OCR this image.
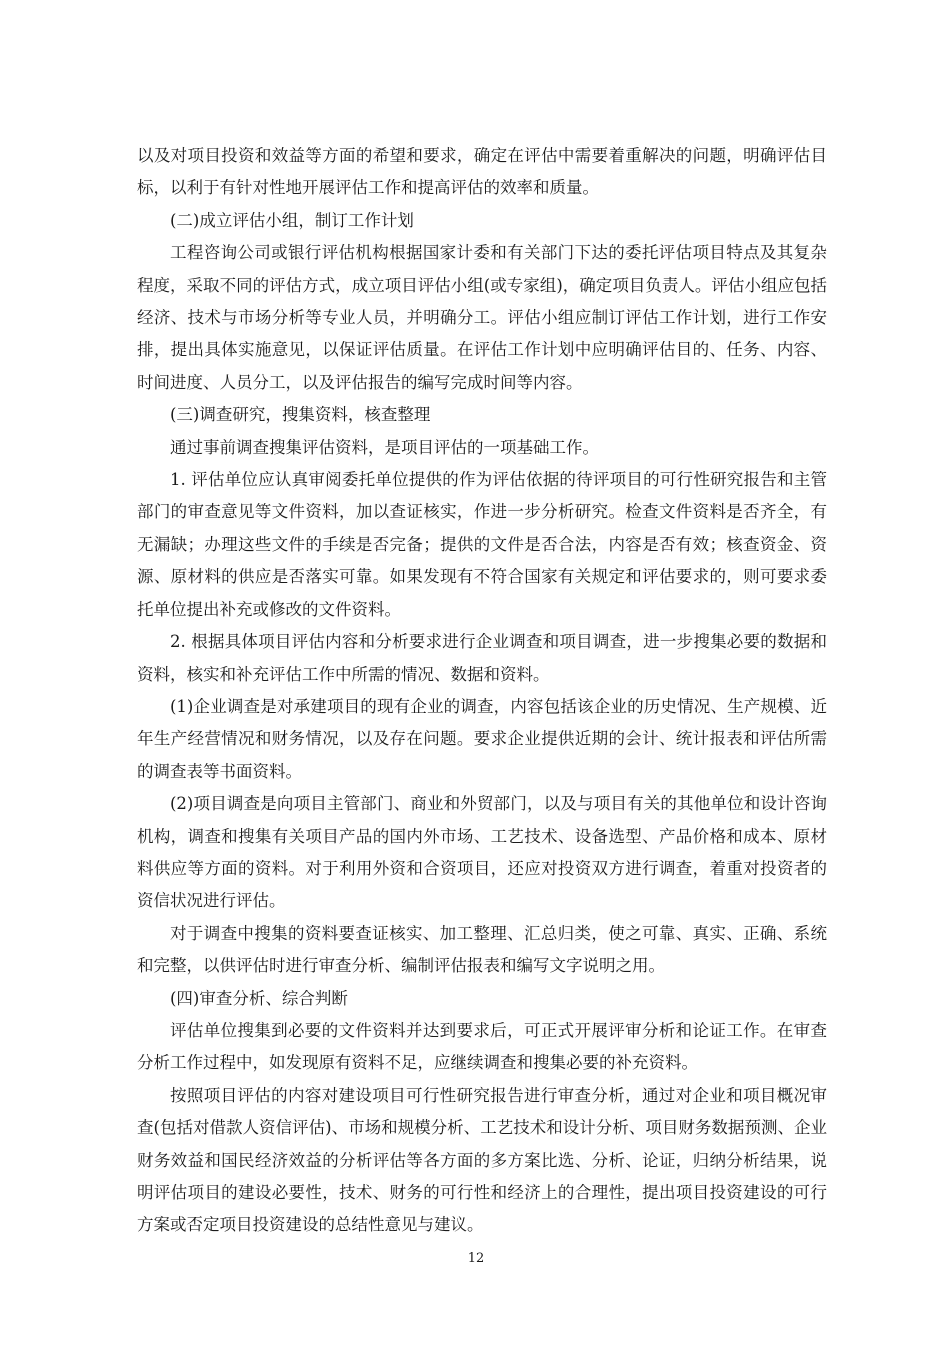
以及对项目投资和效益等方面的希望和要求，确定在评估中需要着重解决的问题，明确评估目标，以利于有针对性地开展评估工作和提高评估的效率和质量。

(二)成立评估小组，制订工作计划

工程咨询公司或银行评估机构根据国家计委和有关部门下达的委托评估项目特点及其复杂程度，采取不同的评估方式，成立项目评估小组(或专家组)，确定项目负责人。评估小组应包括经济、技术与市场分析等专业人员，并明确分工。评估小组应制订评估工作计划，进行工作安排，提出具体实施意见，以保证评估质量。在评估工作计划中应明确评估目的、任务、内容、时间进度、人员分工，以及评估报告的编写完成时间等内容。

(三)调查研究，搜集资料，核查整理

通过事前调查搜集评估资料，是项目评估的一项基础工作。

1. 评估单位应认真审阅委托单位提供的作为评估依据的待评项目的可行性研究报告和主管部门的审查意见等文件资料，加以查证核实，作进一步分析研究。检查文件资料是否齐全，有无漏缺；办理这些文件的手续是否完备；提供的文件是否合法，内容是否有效；核查资金、资源、原材料的供应是否落实可靠。如果发现有不符合国家有关规定和评估要求的，则可要求委托单位提出补充或修改的文件资料。

2. 根据具体项目评估内容和分析要求进行企业调查和项目调查，进一步搜集必要的数据和资料，核实和补充评估工作中所需的情况、数据和资料。

(1)企业调查是对承建项目的现有企业的调查，内容包括该企业的历史情况、生产规模、近年生产经营情况和财务情况，以及存在问题。要求企业提供近期的会计、统计报表和评估所需的调查表等书面资料。

(2)项目调查是向项目主管部门、商业和外贸部门，以及与项目有关的其他单位和设计咨询机构，调查和搜集有关项目产品的国内外市场、工艺技术、设备选型、产品价格和成本、原材料供应等方面的资料。对于利用外资和合资项目，还应对投资双方进行调查，着重对投资者的资信状况进行评估。

对于调查中搜集的资料要查证核实、加工整理、汇总归类，使之可靠、真实、正确、系统和完整，以供评估时进行审查分析、编制评估报表和编写文字说明之用。

(四)审查分析、综合判断

评估单位搜集到必要的文件资料并达到要求后，可正式开展评审分析和论证工作。在审查分析工作过程中，如发现原有资料不足，应继续调查和搜集必要的补充资料。

按照项目评估的内容对建设项目可行性研究报告进行审查分析，通过对企业和项目概况审查(包括对借款人资信评估)、市场和规模分析、工艺技术和设计分析、项目财务数据预测、企业财务效益和国民经济效益的分析评估等各方面的多方案比选、分析、论证，归纳分析结果，说明评估项目的建设必要性，技术、财务的可行性和经济上的合理性，提出项目投资建设的可行方案或否定项目投资建设的总结性意见与建议。

12
